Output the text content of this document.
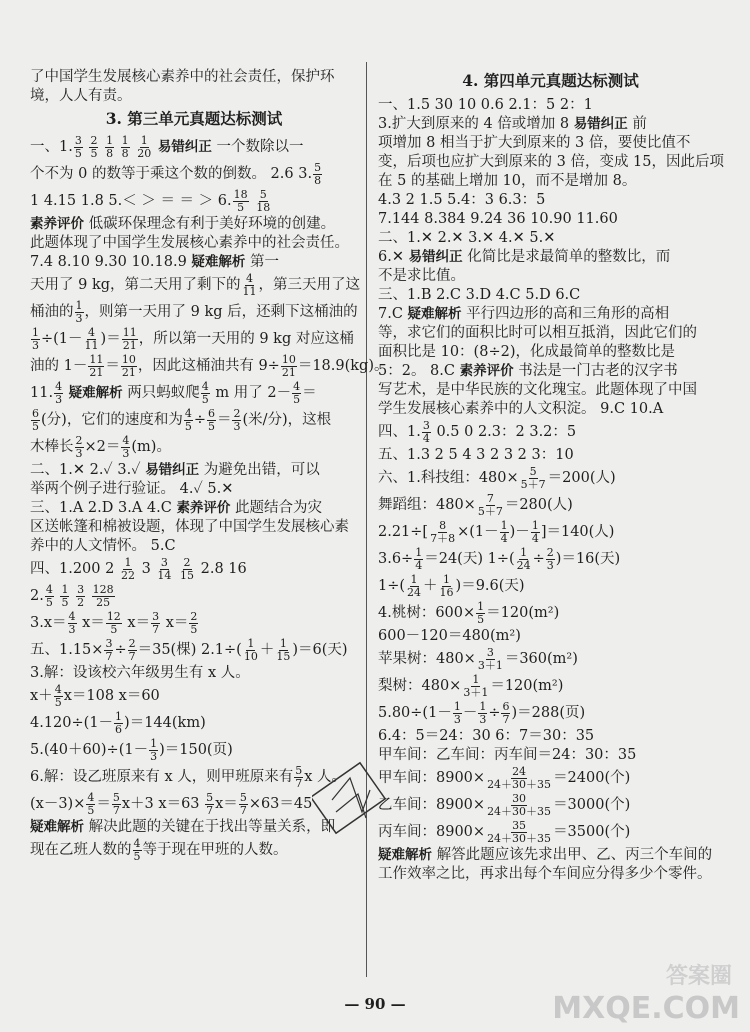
了中国学生发展核心素养中的社会责任，保护环
境，人人有责。
3. 第三单元真题达标测试
一、1. $\frac{3}{5}$
$\frac{2}{5}$
$\frac{1}{8}$
$\frac{1}{8}$
$\frac{1}{20}$ 易错纠正 一个数除以一
个不为 0 的数等于乘这个数的倒数。 2.6 3. $\frac{5}{8}$
1 4.15 1.8 5.＜ ＞ ＝ ＝ ＞ 6. $\frac{18}{5}$
$\frac{5}{18}$
素养评价 低碳环保理念有利于美好环境的创建。
此题体现了中国学生发展核心素养中的社会责任。
7.4 8.10 9.30 10.18.9 疑难解析 第一
天用了 9 kg，第二天用了剩下的 $\frac{4}{11}$ ，第三天用了这
桶油的 $\frac{1}{3}$ ，则第一天用了 9 kg 后，还剩下这桶油的
$\frac{1}{3} \div(1- \frac{4}{11}$ )＝ $\frac{11}{21}$ ，所以第一天用的 9 kg 对应这桶
油的 $1- \frac{11}{21} = \frac{10}{21}$ ，因此这桶油共有 $9\div \frac{10}{21} =18.9(kg)$。
11. $\frac{4}{3}$ 疑难解析 两只蚂蚁爬 $\frac{4}{5}$ m 用了 $2- \frac{4}{5}$ ＝
$\frac{6}{5}$ (分)，它们的速度和为 $\frac{4}{5} \div \frac{6}{5} = \frac{2}{3}$ (米/分)，这根
木棒长 $\frac{2}{3} \times 2= \frac{4}{3} (m)$。
二、1.✕ 2.✓ 3.✓ 易错纠正 为避免出错，可以
举两个例子进行验证。 4.✓ 5.✕
三、1.A 2.D 3.A 4.C 素养评价 此题结合为灾
区送帐篷和棉被设题，体现了中国学生发展核心素
养中的人文情怀。 5.C
四、1.200 $2 \frac{1}{22} 3 \frac{3}{14}$
$\frac{2}{15} 2.8$ 16
2. $\frac{4}{5}$
$\frac{1}{5}$
$\frac{3}{2}$
$\frac{128}{25}$
$3.x= \frac{4}{3} x= \frac{12}{5} x= \frac{3}{7} x= \frac{2}{5}$
五、$1.15\times \frac{3}{7} \div \frac{2}{7} =35$(棵) $2.1\div( \frac{1}{10} + \frac{1}{15} )=6$(天)
3.解：设该校六年级男生有 x 人。
$x+ \frac{4}{5} x=108$ x＝60
$4.120\div(1- \frac{1}{6} )=144(km)$
$5.(40+60)\div(1- \frac{1}{3} )=150$(页)
6.解：设乙班原来有 x 人，则甲班原来有 $\frac{5}{7}$ x 人。
$(x-3)\times \frac{4}{5} = \frac{5}{7} x+3$ $x=63 \frac{5}{7} x= \frac{5}{7} \times 63=45$
疑难解析 解决此题的关键在于找出等量关系，即
现在乙班人数的 $\frac{4}{5}$ 等于现在甲班的人数。
4. 第四单元真题达标测试
一、1.5 30 10 0.6 2.1：5 2：1
3.扩大到原来的 4 倍或增加 8 易错纠正 前
项增加 8 相当于扩大到原来的 3 倍，要使比值不
变，后项也应扩大到原来的 3 倍，变成 15，因此后项
在 5 的基础上增加 10，而不是增加 8。
4.3 2 1.5 5.4：3 6.3：5
7.144 8.384 9.24 36 10.90 11.60
二、1.✕ 2.✕ 3.✕ 4.✕ 5.✕
6.✕ 易错纠正 化简比是求最简单的整数比，而
不是求比值。
三、1.B 2.C 3.D 4.C 5.D 6.C
7.C 疑难解析 平行四边形的高和三角形的高相
等，求它们的面积比时可以相互抵消，因此它们的
面积比是 10：(8÷2)，化成最简单的整数比是
5：2。 8.C 素养评价 书法是一门古老的汉字书
写艺术，是中华民族的文化瑰宝。此题体现了中国
学生发展核心素养中的人文积淀。 9.C 10.A
四、1. $\frac{3}{4} 0.5$ 0 2.3：2 3.2：5
五、1.3 2 5 4 3 2 3 2 3：10
六、1.科技组：$480\times \frac{5}{5+7} =200$(人)
舞蹈组：$480\times \frac{7}{5+7} =280$(人)
$2.21\div[ \frac{8}{7+8} \times(1- \frac{1}{4}$ )－ $\frac{1}{4} ]=140$(人)
$3.6\div \frac{1}{4} =24$(天) $1\div( \frac{1}{24} \div \frac{2}{3} )=16$(天)
$1\div( \frac{1}{24} + \frac{1}{16} )=9.6$(天)
4.桃树：$600\times \frac{1}{5} =120(m^2)$
600－120＝480(m²)
苹果树：$480\times \frac{3}{3+1} =360(m^2)$
梨树：$480\times \frac{1}{3+1} =120(m^2)$
$5.80\div(1- \frac{1}{3} - \frac{1}{3} \div \frac{6}{7} )=288$(页)
6.4：5＝24：30 6：7＝30：35
甲车间：乙车间：丙车间＝24：30：35
甲车间：$8900\times \frac{24}{24+30+35} =2400$(个)
乙车间：$8900\times \frac{30}{24+30+35} =3000$(个)
丙车间：$8900\times \frac{35}{24+30+35} =3500$(个)
疑难解析 解答此题应该先求出甲、乙、丙三个车间的
工作效率之比，再求出每个车间应分得多少个零件。
— 90 —
答案圈
MXQE.COM
